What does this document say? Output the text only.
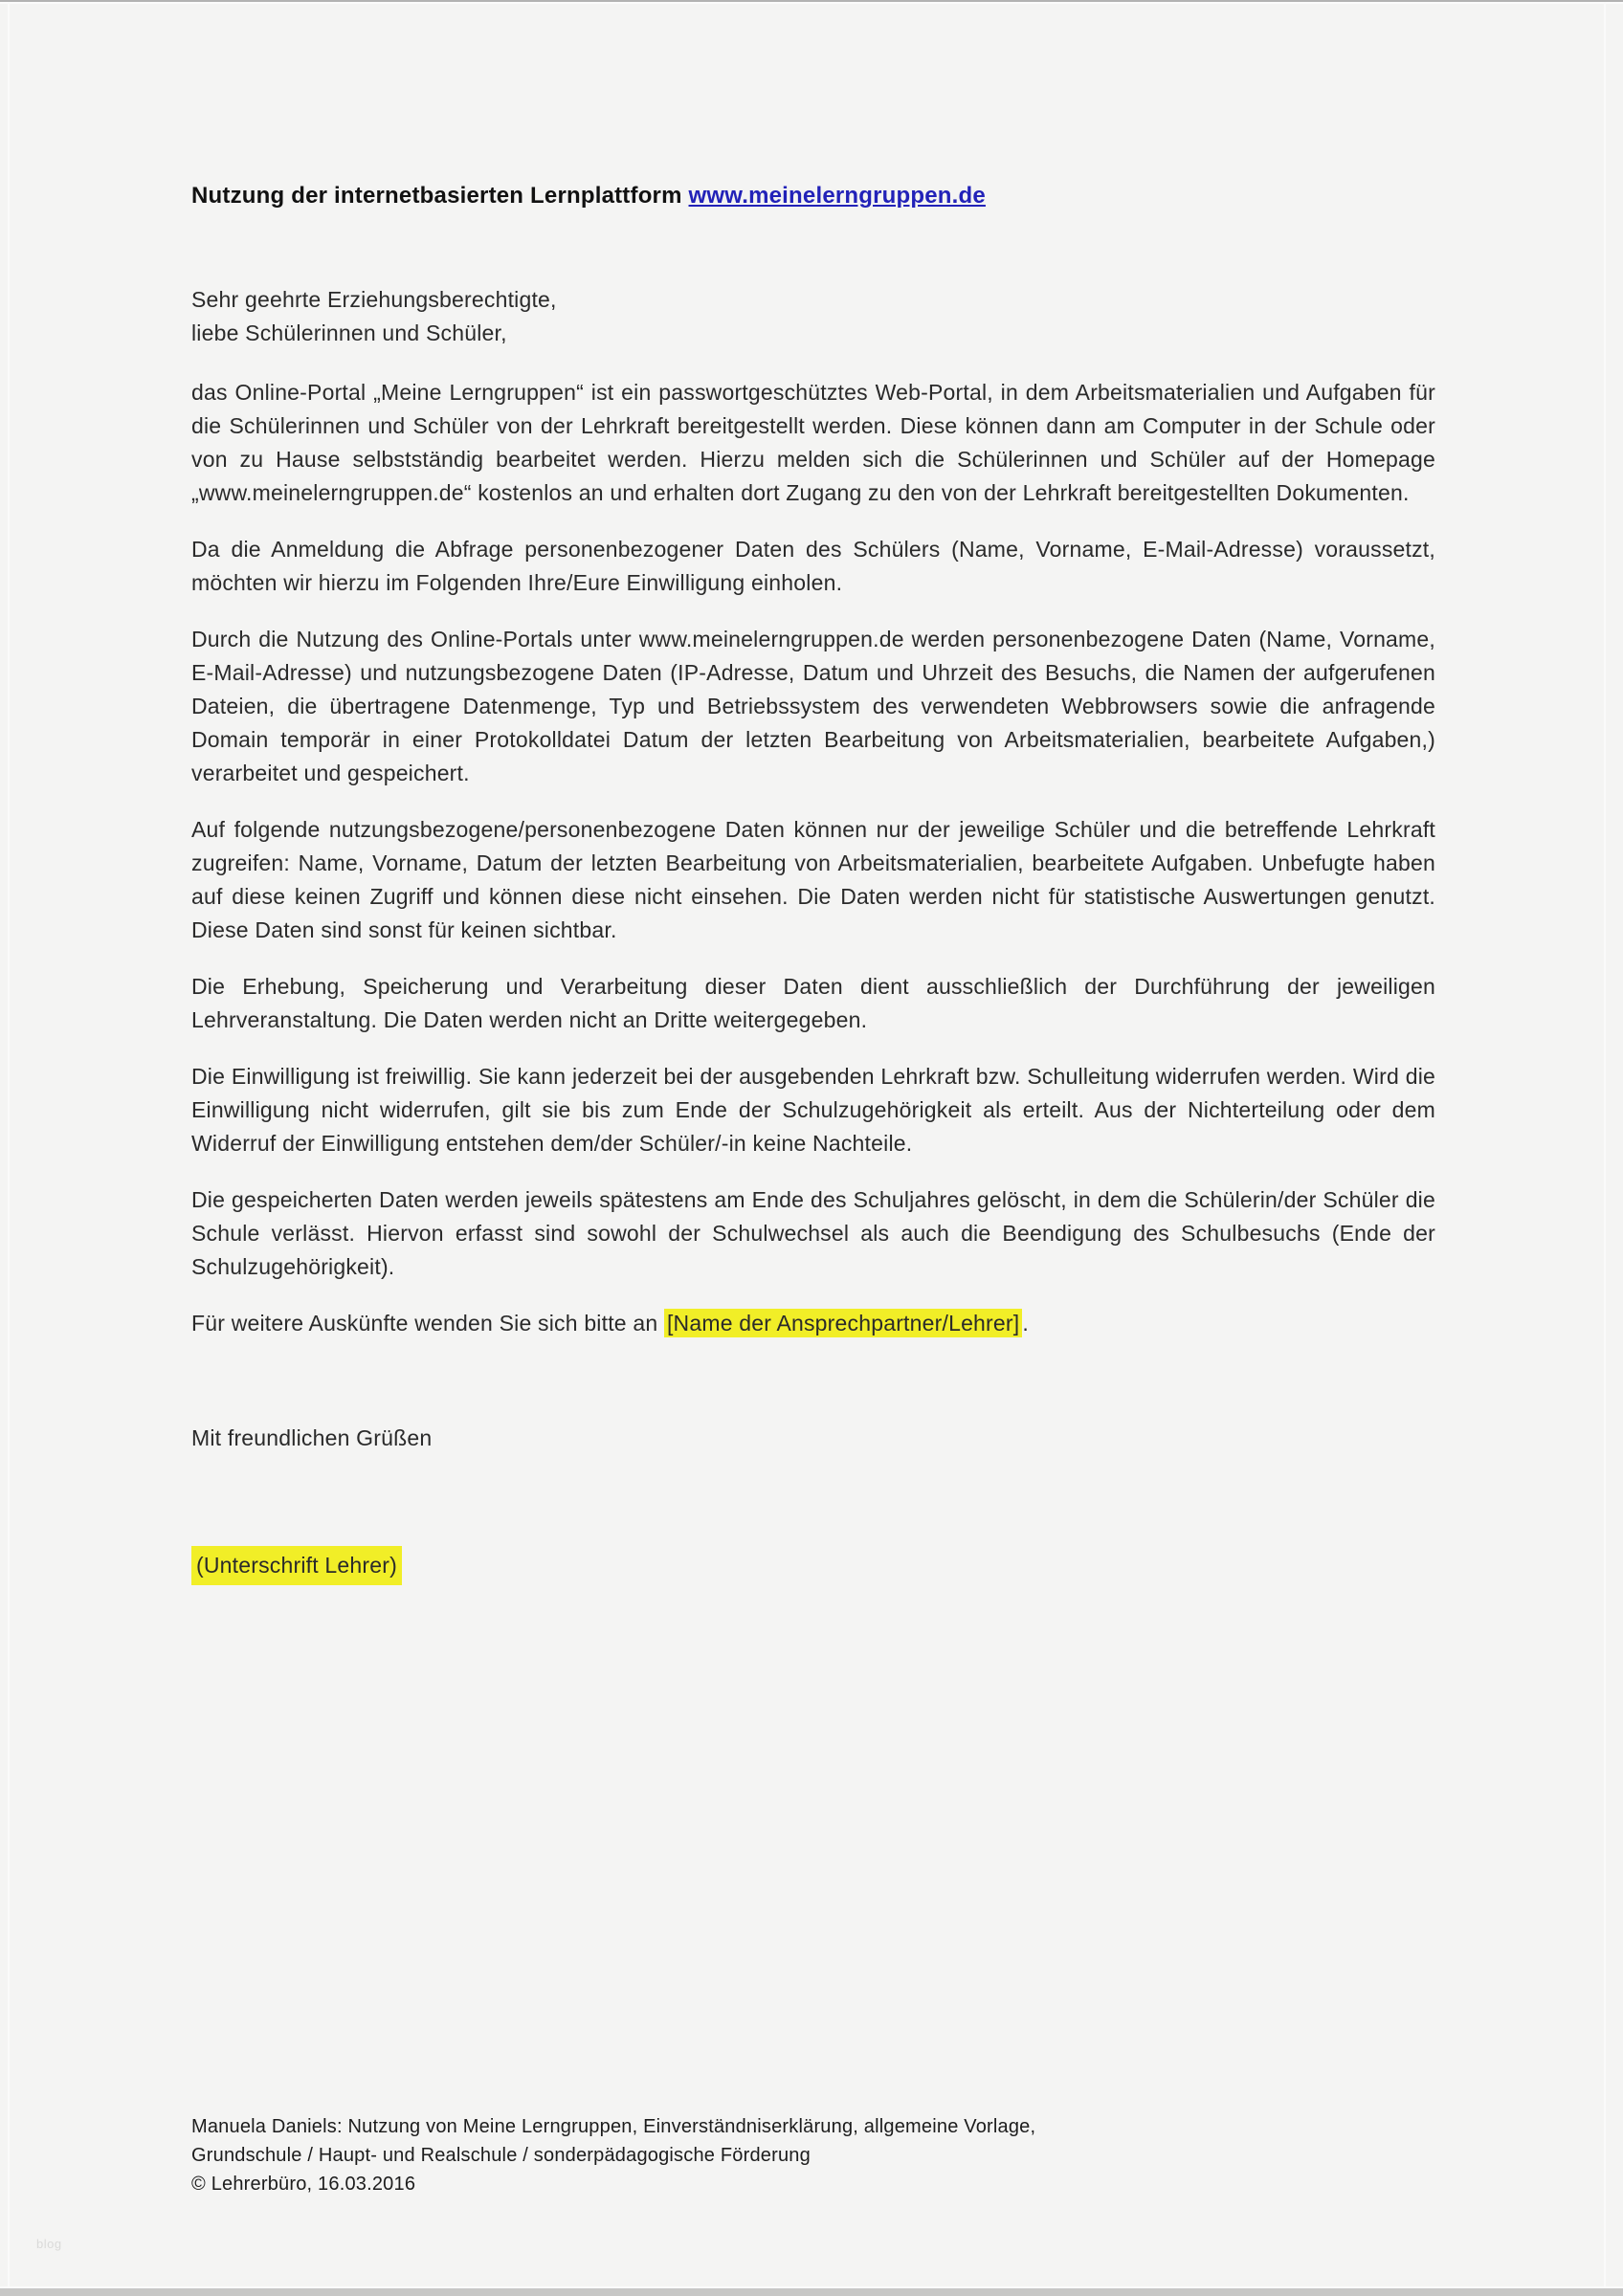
Nutzung der internetbasierten Lernplattform www.meinelerngruppen.de
Sehr geehrte Erziehungsberechtigte,
liebe Schülerinnen und Schüler,

das Online-Portal „Meine Lerngruppen“ ist ein passwortgeschütztes Web-Portal, in dem Arbeitsmaterialien und Aufgaben für die Schülerinnen und Schüler von der Lehrkraft bereitgestellt werden. Diese können dann am Computer in der Schule oder von zu Hause selbstständig bearbeitet werden. Hierzu melden sich die Schülerinnen und Schüler auf der Homepage „www.meinelerngruppen.de“ kostenlos an und erhalten dort Zugang zu den von der Lehrkraft bereitgestellten Dokumenten.

Da die Anmeldung die Abfrage personenbezogener Daten des Schülers (Name, Vorname, E-Mail-Adresse) voraussetzt, möchten wir hierzu im Folgenden Ihre/Eure Einwilligung einholen.

Durch die Nutzung des Online-Portals unter www.meinelerngruppen.de werden personenbezogene Daten (Name, Vorname, E-Mail-Adresse) und nutzungsbezogene Daten (IP-Adresse, Datum und Uhrzeit des Besuchs, die Namen der aufgerufenen Dateien, die übertragene Datenmenge, Typ und Betriebssystem des verwendeten Webbrowsers sowie die anfragende Domain temporär in einer Protokolldatei Datum der letzten Bearbeitung von Arbeitsmaterialien, bearbeitete Aufgaben,) verarbeitet und gespeichert.

Auf folgende nutzungsbezogene/personenbezogene Daten können nur der jeweilige Schüler und die betreffende Lehrkraft zugreifen: Name, Vorname, Datum der letzten Bearbeitung von Arbeitsmaterialien, bearbeitete Aufgaben. Unbefugte haben auf diese keinen Zugriff und können diese nicht einsehen. Die Daten werden nicht für statistische Auswertungen genutzt. Diese Daten sind sonst für keinen sichtbar.

Die Erhebung, Speicherung und Verarbeitung dieser Daten dient ausschließlich der Durchführung der jeweiligen Lehrveranstaltung. Die Daten werden nicht an Dritte weitergegeben.

Die Einwilligung ist freiwillig. Sie kann jederzeit bei der ausgebenden Lehrkraft bzw. Schulleitung widerrufen werden. Wird die Einwilligung nicht widerrufen, gilt sie bis zum Ende der Schulzugehörigkeit als erteilt. Aus der Nichterteilung oder dem Widerruf der Einwilligung entstehen dem/der Schüler/-in keine Nachteile.

Die gespeicherten Daten werden jeweils spätestens am Ende des Schuljahres gelöscht, in dem die Schülerin/der Schüler die Schule verlässt. Hiervon erfasst sind sowohl der Schulwechsel als auch die Beendigung des Schulbesuchs (Ende der Schulzugehörigkeit).

Für weitere Auskünfte wenden Sie sich bitte an [Name der Ansprechpartner/Lehrer] .

Mit freundlichen Grüßen
(Unterschrift Lehrer)
Manuela Daniels: Nutzung von Meine Lerngruppen, Einverständniserklärung, allgemeine Vorlage,
Grundschule / Haupt- und Realschule / sonderpädagogische Förderung
© Lehrerbüro, 16.03.2016
blog
